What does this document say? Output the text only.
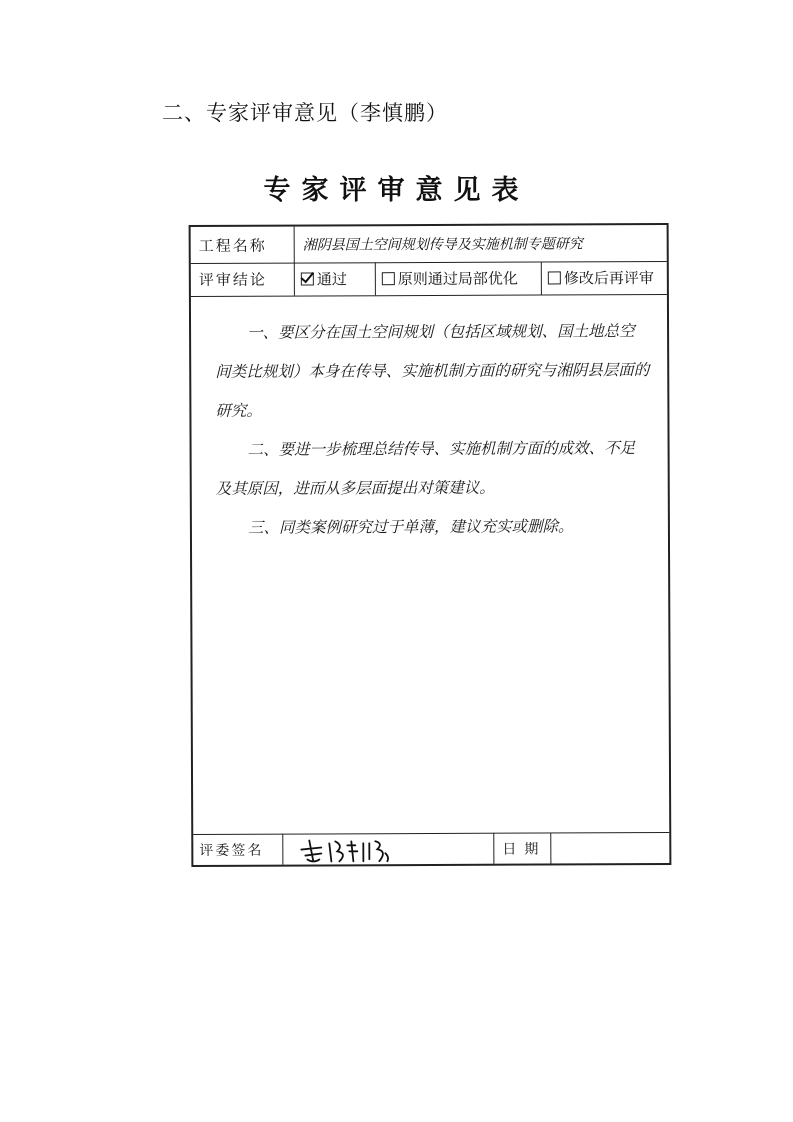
二、专家评审意见（李慎鹏）
专家评审意见表
工程名称	湘阴县国土空间规划传导及实施机制专题研究
评审结论	通过	原则通过局部优化	修改后再评审

一、要区分在国土空间规划（包括区域规划、国土地总空间类比规划）本身在传导、实施机制方面的研究与湘阴县层面的研究。

二、要进一步梳理总结传导、实施机制方面的成效、不足及其原因，进而从多层面提出对策建议。

三、同类案例研究过于单薄，建议充实或删除。

评委签名	日期
